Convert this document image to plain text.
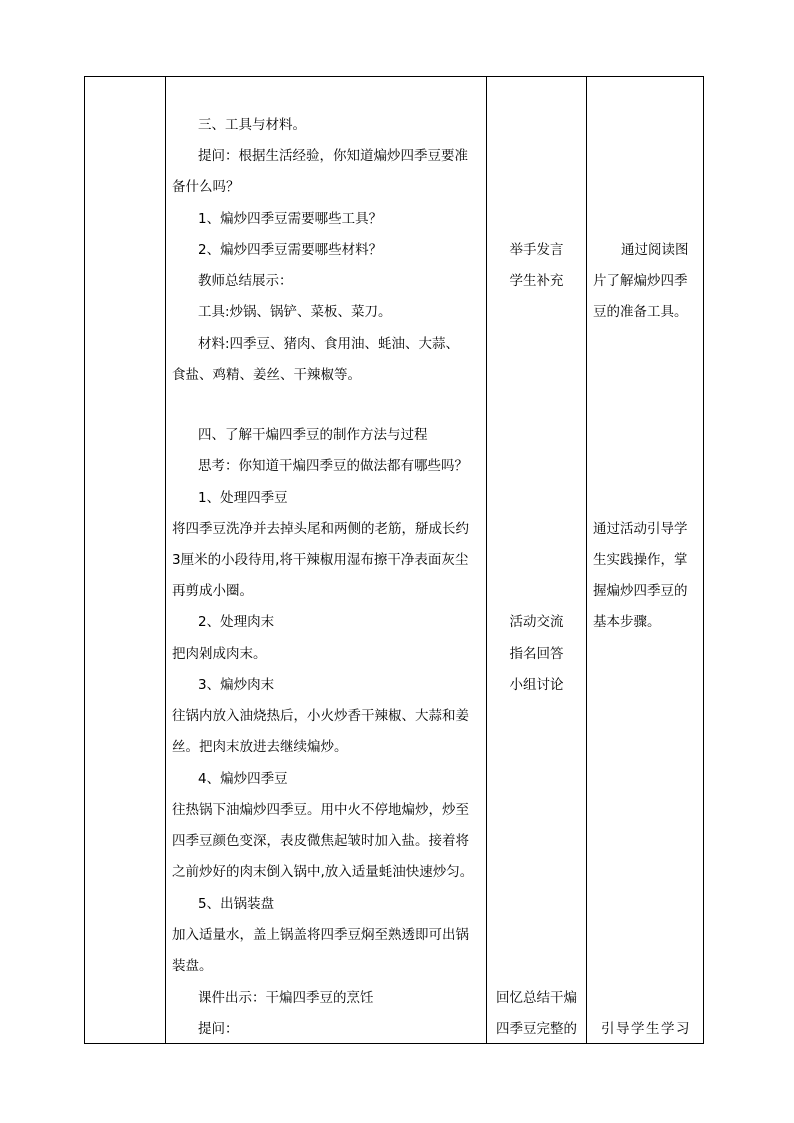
三、工具与材料。
提问：根据生活经验，你知道煸炒四季豆要准
备什么吗？
1、煸炒四季豆需要哪些工具？
2、煸炒四季豆需要哪些材料？
教师总结展示：
工具:炒锅、锅铲、菜板、菜刀。
材料:四季豆、猪肉、食用油、蚝油、大蒜、
食盐、鸡精、姜丝、干辣椒等。
四、了解干煸四季豆的制作方法与过程
思考：你知道干煸四季豆的做法都有哪些吗？
1、处理四季豆
将四季豆洗净并去掉头尾和两侧的老筋，掰成长约
3厘米的小段待用,将干辣椒用湿布擦干净表面灰尘
再剪成小圈。
2、处理肉末
把肉剁成肉末。
3、煸炒肉末
往锅内放入油烧热后，小火炒香干辣椒、大蒜和姜
丝。把肉末放进去继续煸炒。
4、煸炒四季豆
往热锅下油煸炒四季豆。用中火不停地煸炒，炒至
四季豆颜色变深，表皮微焦起皱时加入盐。接着将
之前炒好的肉末倒入锅中,放入适量蚝油快速炒匀。
5、出锅装盘
加入适量水，盖上锅盖将四季豆焖至熟透即可出锅
装盘。
课件出示：干煸四季豆的烹饪
提问：
举手发言
学生补充
活动交流
指名回答
小组讨论
回忆总结干煸
四季豆完整的
通过阅读图
片了解煸炒四季
豆的准备工具。
通过活动引导学
生实践操作，掌
握煸炒四季豆的
基本步骤。
引导学生学习
